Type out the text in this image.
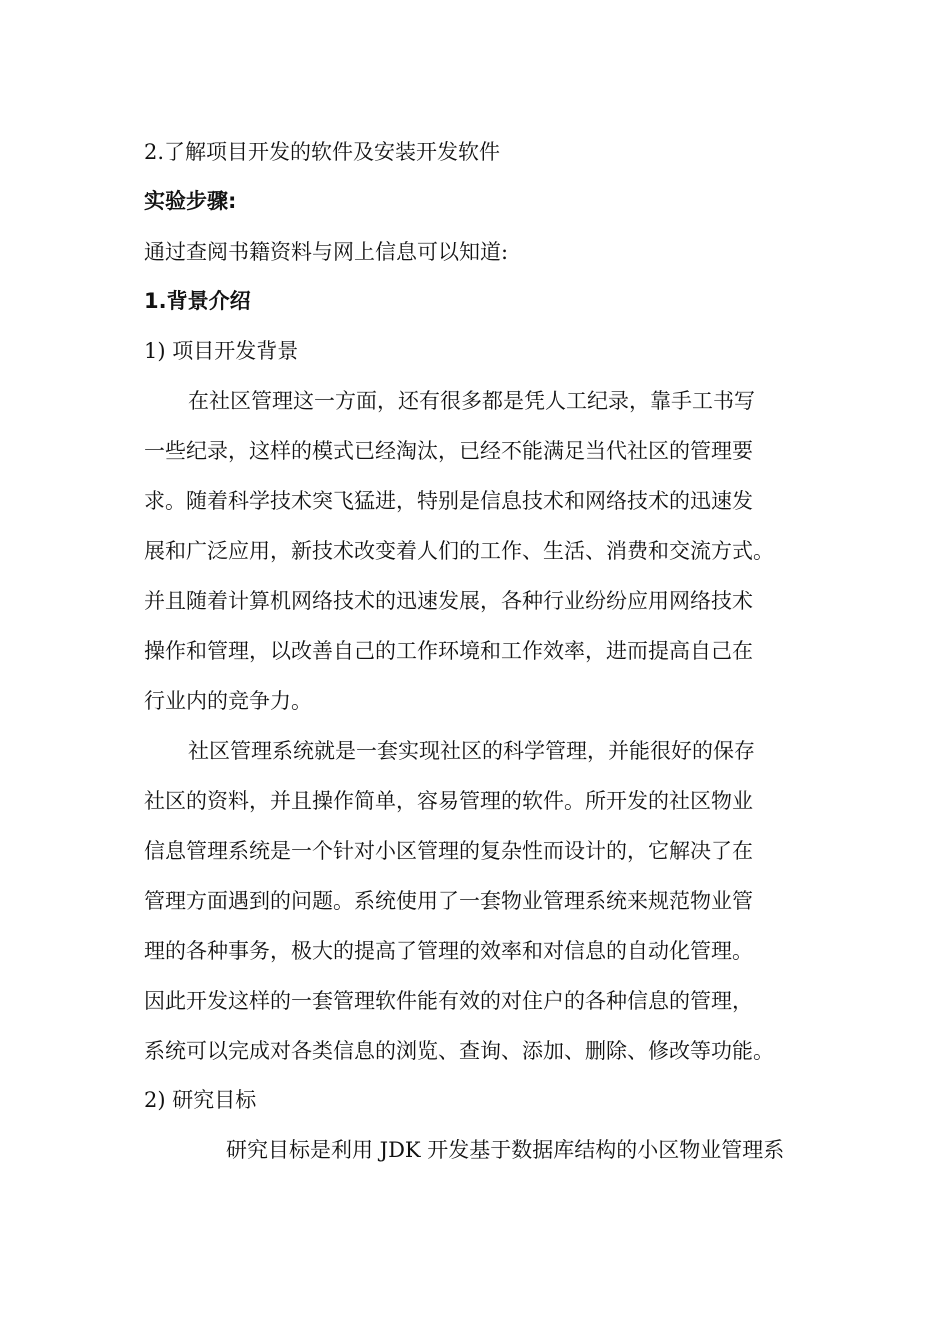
2.了解项目开发的软件及安装开发软件
实验步骤:
通过查阅书籍资料与网上信息可以知道:
1.背景介绍
1) 项目开发背景
在社区管理这一方面，还有很多都是凭人工纪录，靠手工书写
一些纪录，这样的模式已经淘汰，已经不能满足当代社区的管理要
求。随着科学技术突飞猛进，特别是信息技术和网络技术的迅速发
展和广泛应用，新技术改变着人们的工作、生活、消费和交流方式。
并且随着计算机网络技术的迅速发展，各种行业纷纷应用网络技术
操作和管理，以改善自己的工作环境和工作效率，进而提高自己在
行业内的竞争力。
社区管理系统就是一套实现社区的科学管理，并能很好的保存
社区的资料，并且操作简单，容易管理的软件。所开发的社区物业
信息管理系统是一个针对小区管理的复杂性而设计的，它解决了在
管理方面遇到的问题。系统使用了一套物业管理系统来规范物业管
理的各种事务，极大的提高了管理的效率和对信息的自动化管理。
因此开发这样的一套管理软件能有效的对住户的各种信息的管理，
系统可以完成对各类信息的浏览、查询、添加、删除、修改等功能。
2) 研究目标
研究目标是利用 JDK 开发基于数据库结构的小区物业管理系
